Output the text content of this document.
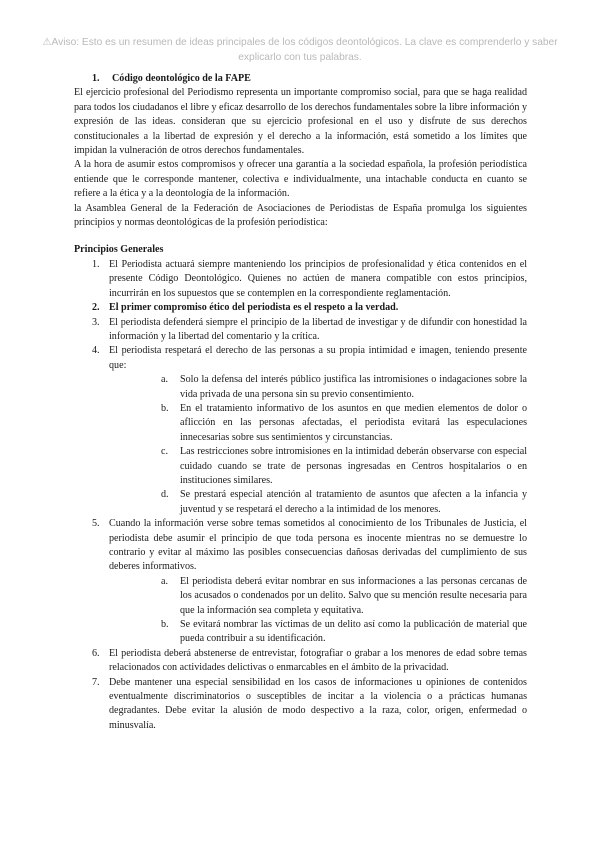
⚠Aviso: Esto es un resumen de ideas principales de los códigos deontológicos. La clave es comprenderlo y saber explicarlo con tus palabras.
1. Código deontológico de la FAPE

El ejercicio profesional del Periodismo representa un importante compromiso social, para que se haga realidad para todos los ciudadanos el libre y eficaz desarrollo de los derechos fundamentales sobre la libre información y expresión de las ideas. consideran que su ejercicio profesional en el uso y disfrute de sus derechos constitucionales a la libertad de expresión y el derecho a la información, está sometido a los límites que impidan la vulneración de otros derechos fundamentales.

A la hora de asumir estos compromisos y ofrecer una garantía a la sociedad española, la profesión periodística entiende que le corresponde mantener, colectiva e individualmente, una intachable conducta en cuanto se refiere a la ética y a la deontología de la información.

la Asamblea General de la Federación de Asociaciones de Periodistas de España promulga los siguientes principios y normas deontológicas de la profesión periodística:

Principios Generales
1. El Periodista actuará siempre manteniendo los principios de profesionalidad y ética contenidos en el presente Código Deontológico. Quienes no actúen de manera compatible con estos principios, incurrirán en los supuestos que se contemplen en la correspondiente reglamentación.
2. El primer compromiso ético del periodista es el respeto a la verdad.
3. El periodista defenderá siempre el principio de la libertad de investigar y de difundir con honestidad la información y la libertad del comentario y la crítica.
4. El periodista respetará el derecho de las personas a su propia intimidad e imagen, teniendo presente que:
a. Solo la defensa del interés público justifica las intromisiones o indagaciones sobre la vida privada de una persona sin su previo consentimiento.
b. En el tratamiento informativo de los asuntos en que medien elementos de dolor o aflicción en las personas afectadas, el periodista evitará las especulaciones innecesarias sobre sus sentimientos y circunstancias.
c. Las restricciones sobre intromisiones en la intimidad deberán observarse con especial cuidado cuando se trate de personas ingresadas en Centros hospitalarios o en instituciones similares.
d. Se prestará especial atención al tratamiento de asuntos que afecten a la infancia y juventud y se respetará el derecho a la intimidad de los menores.
5. Cuando la información verse sobre temas sometidos al conocimiento de los Tribunales de Justicia, el periodista debe asumir el principio de que toda persona es inocente mientras no se demuestre lo contrario y evitar al máximo las posibles consecuencias dañosas derivadas del cumplimiento de sus deberes informativos.
a. El periodista deberá evitar nombrar en sus informaciones a las personas cercanas de los acusados o condenados por un delito. Salvo que su mención resulte necesaria para que la información sea completa y equitativa.
b. Se evitará nombrar las víctimas de un delito así como la publicación de material que pueda contribuir a su identificación.
6. El periodista deberá abstenerse de entrevistar, fotografiar o grabar a los menores de edad sobre temas relacionados con actividades delictivas o enmarcables en el ámbito de la privacidad.
7. Debe mantener una especial sensibilidad en los casos de informaciones u opiniones de contenidos eventualmente discriminatorios o susceptibles de incitar a la violencia o a prácticas humanas degradantes. Debe evitar la alusión de modo despectivo a la raza, color, origen, enfermedad o minusvalía.
